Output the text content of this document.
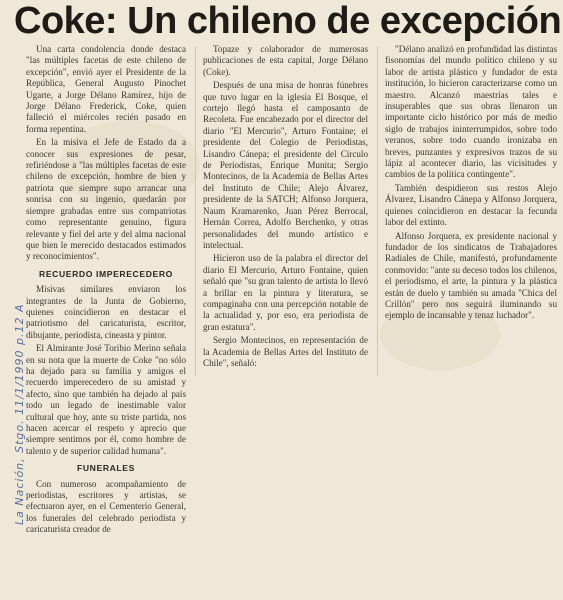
Coke: Un chileno de excepción

Una carta condolencia donde destaca "las múltiples facetas de este chileno de excepción", envió ayer el Presidente de la República, General Augusto Pinochet Ugarte, a Jorge Délano Ramírez, hijo de Jorge Délano Frederick, Coke, quien falleció el miércoles recién pasado en forma repentina.

En la misiva el Jefe de Estado da a conocer sus expresiones de pesar, refiriéndose a "las múltiples facetas de este chileno de excepción, hombre de bien y patriota que siempre supo arrancar una sonrisa con su ingenio, quedarán por siempre grabadas entre sus compatriotas como representante genuino, figura relevante y fiel del arte y del alma nacional que bien le merecido destacados estimados y reconocimientos".

RECUERDO IMPERECEDERO

Misivas similares enviaron los integrantes de la Junta de Gobierno, quienes coincidieron en destacar el patriotismo del caricaturista, escritor, dibujante, periodista, cineasta y pintor.

El Almirante José Toribio Merino señala en su nota que la muerte de Coke "no sólo ha dejado para su familia y amigos el recuerdo imperecedero de su amistad y afecto, sino que también ha dejado al país todo un legado de inestimable valor cultural que hoy, ante su triste partida, nos hacen acercar el respeto y aprecio que siempre sentimos por él, como hombre de talento y de superior calidad humana".

FUNERALES

Con numeroso acompañamiento de periodistas, escritores y artistas, se efectuaron ayer, en el Cementerio General, los funerales del celebrado periodista y caricaturista creador de

Topaze y colaborador de numerosas publicaciones de esta capital, Jorge Délano (Coke).

Después de una misa de honras fúnebres que tuvo lugar en la iglesia El Bosque, el cortejo llegó hasta el camposanto de Recoleta. Fue encabezado por el director del diario "El Mercurio", Arturo Fontaine; el presidente del Colegio de Periodistas, Lisandro Cánepa; el presidente del Círculo de Periodistas, Enrique Munita; Sergio Montecinos, de la Academia de Bellas Artes del Instituto de Chile; Alejo Álvarez, presidente de la SATCH; Alfonso Jorquera, Naum Kramarenko, Juan Pérez Berrocal, Hernán Correa, Adolfo Berchenko, y otras personalidades del mundo artístico e intelectual.

Hicieron uso de la palabra el director del diario El Mercurio, Arturo Fontaine, quien señaló que "su gran talento de artista lo llevó a brillar en la pintura y literatura, se compaginaba con una percepción notable de la actualidad y, por eso, era periodista de gran estatura".

Sergio Montecinos, en representación de la Academia de Bellas Artes del Instituto de Chile", señaló:

"Délano analizó en profundidad las distintas fisonomías del mundo político chileno y su labor de artista plástico y fundador de esta institución, lo hicieron caracterizarse como un maestro. Alcanzó maestrías tales e insuperables que sus obras llenaron un importante ciclo histórico por más de medio siglo de trabajos ininterrumpidos, sobre todo veranos, sobre todo cuando ironizaba en breves, punzantes y expresivos trazos de su lápiz al acontecer diario, las vicisitudes y cambios de la política contingente".

También despidieron sus restos Alejo Álvarez, Lisandro Cánepa y Alfonso Jorquera, quienes coincidieron en destacar la fecunda labor del extinto.

Alfonso Jorquera, ex presidente nacional y fundador de los sindicatos de Trabajadores Radiales de Chile, manifestó, profundamente conmovido: "ante su deceso todos los chilenos, el periodismo, el arte, la pintura y la plástica están de duelo y también su amada "Chica del Crillón" pero nos seguirá iluminando su ejemplo de incansable y tenaz luchador".

La Nación, Stgo. 11/1/1990 p.12 A
